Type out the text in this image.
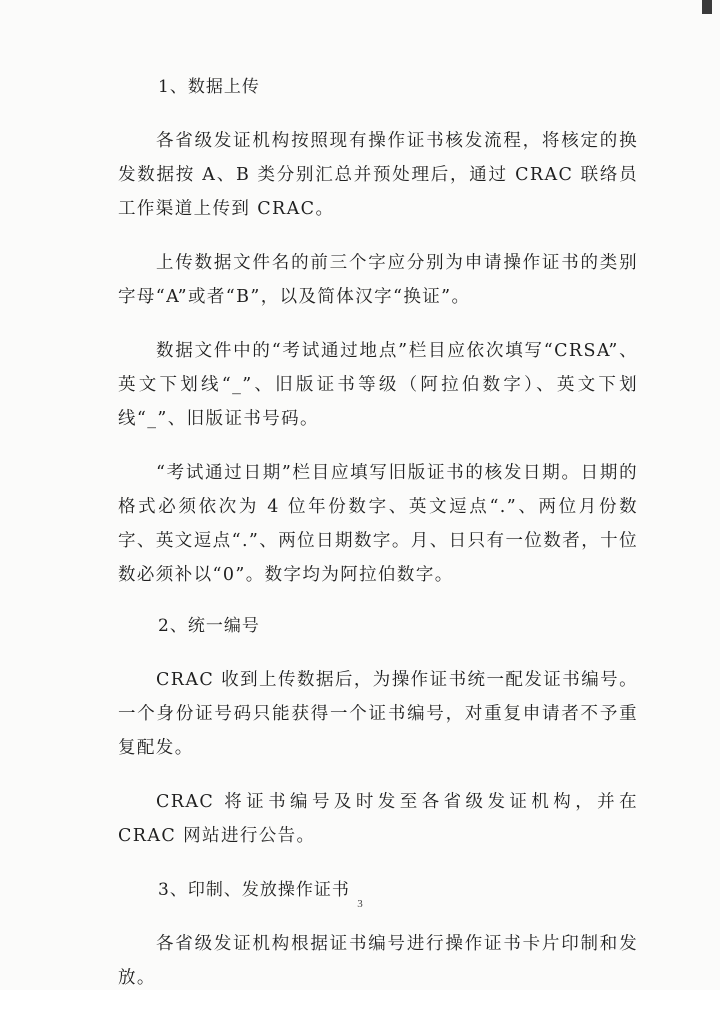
1、数据上传

各省级发证机构按照现有操作证书核发流程，将核定的换发数据按 A、B 类分别汇总并预处理后，通过 CRAC 联络员工作渠道上传到 CRAC。

上传数据文件名的前三个字应分别为申请操作证书的类别字母“A”或者“B”，以及简体汉字“换证”。

数据文件中的“考试通过地点”栏目应依次填写“CRSA”、英文下划线“_”、旧版证书等级（阿拉伯数字）、英文下划线“_”、旧版证书号码。

“考试通过日期”栏目应填写旧版证书的核发日期。日期的格式必须依次为 4 位年份数字、英文逗点“.”、两位月份数字、英文逗点“.”、两位日期数字。月、日只有一位数者，十位数必须补以“0”。数字均为阿拉伯数字。

2、统一编号

CRAC 收到上传数据后，为操作证书统一配发证书编号。一个身份证号码只能获得一个证书编号，对重复申请者不予重复配发。

CRAC 将证书编号及时发至各省级发证机构，并在 CRAC 网站进行公告。

3、印制、发放操作证书

各省级发证机构根据证书编号进行操作证书卡片印制和发放。

3
